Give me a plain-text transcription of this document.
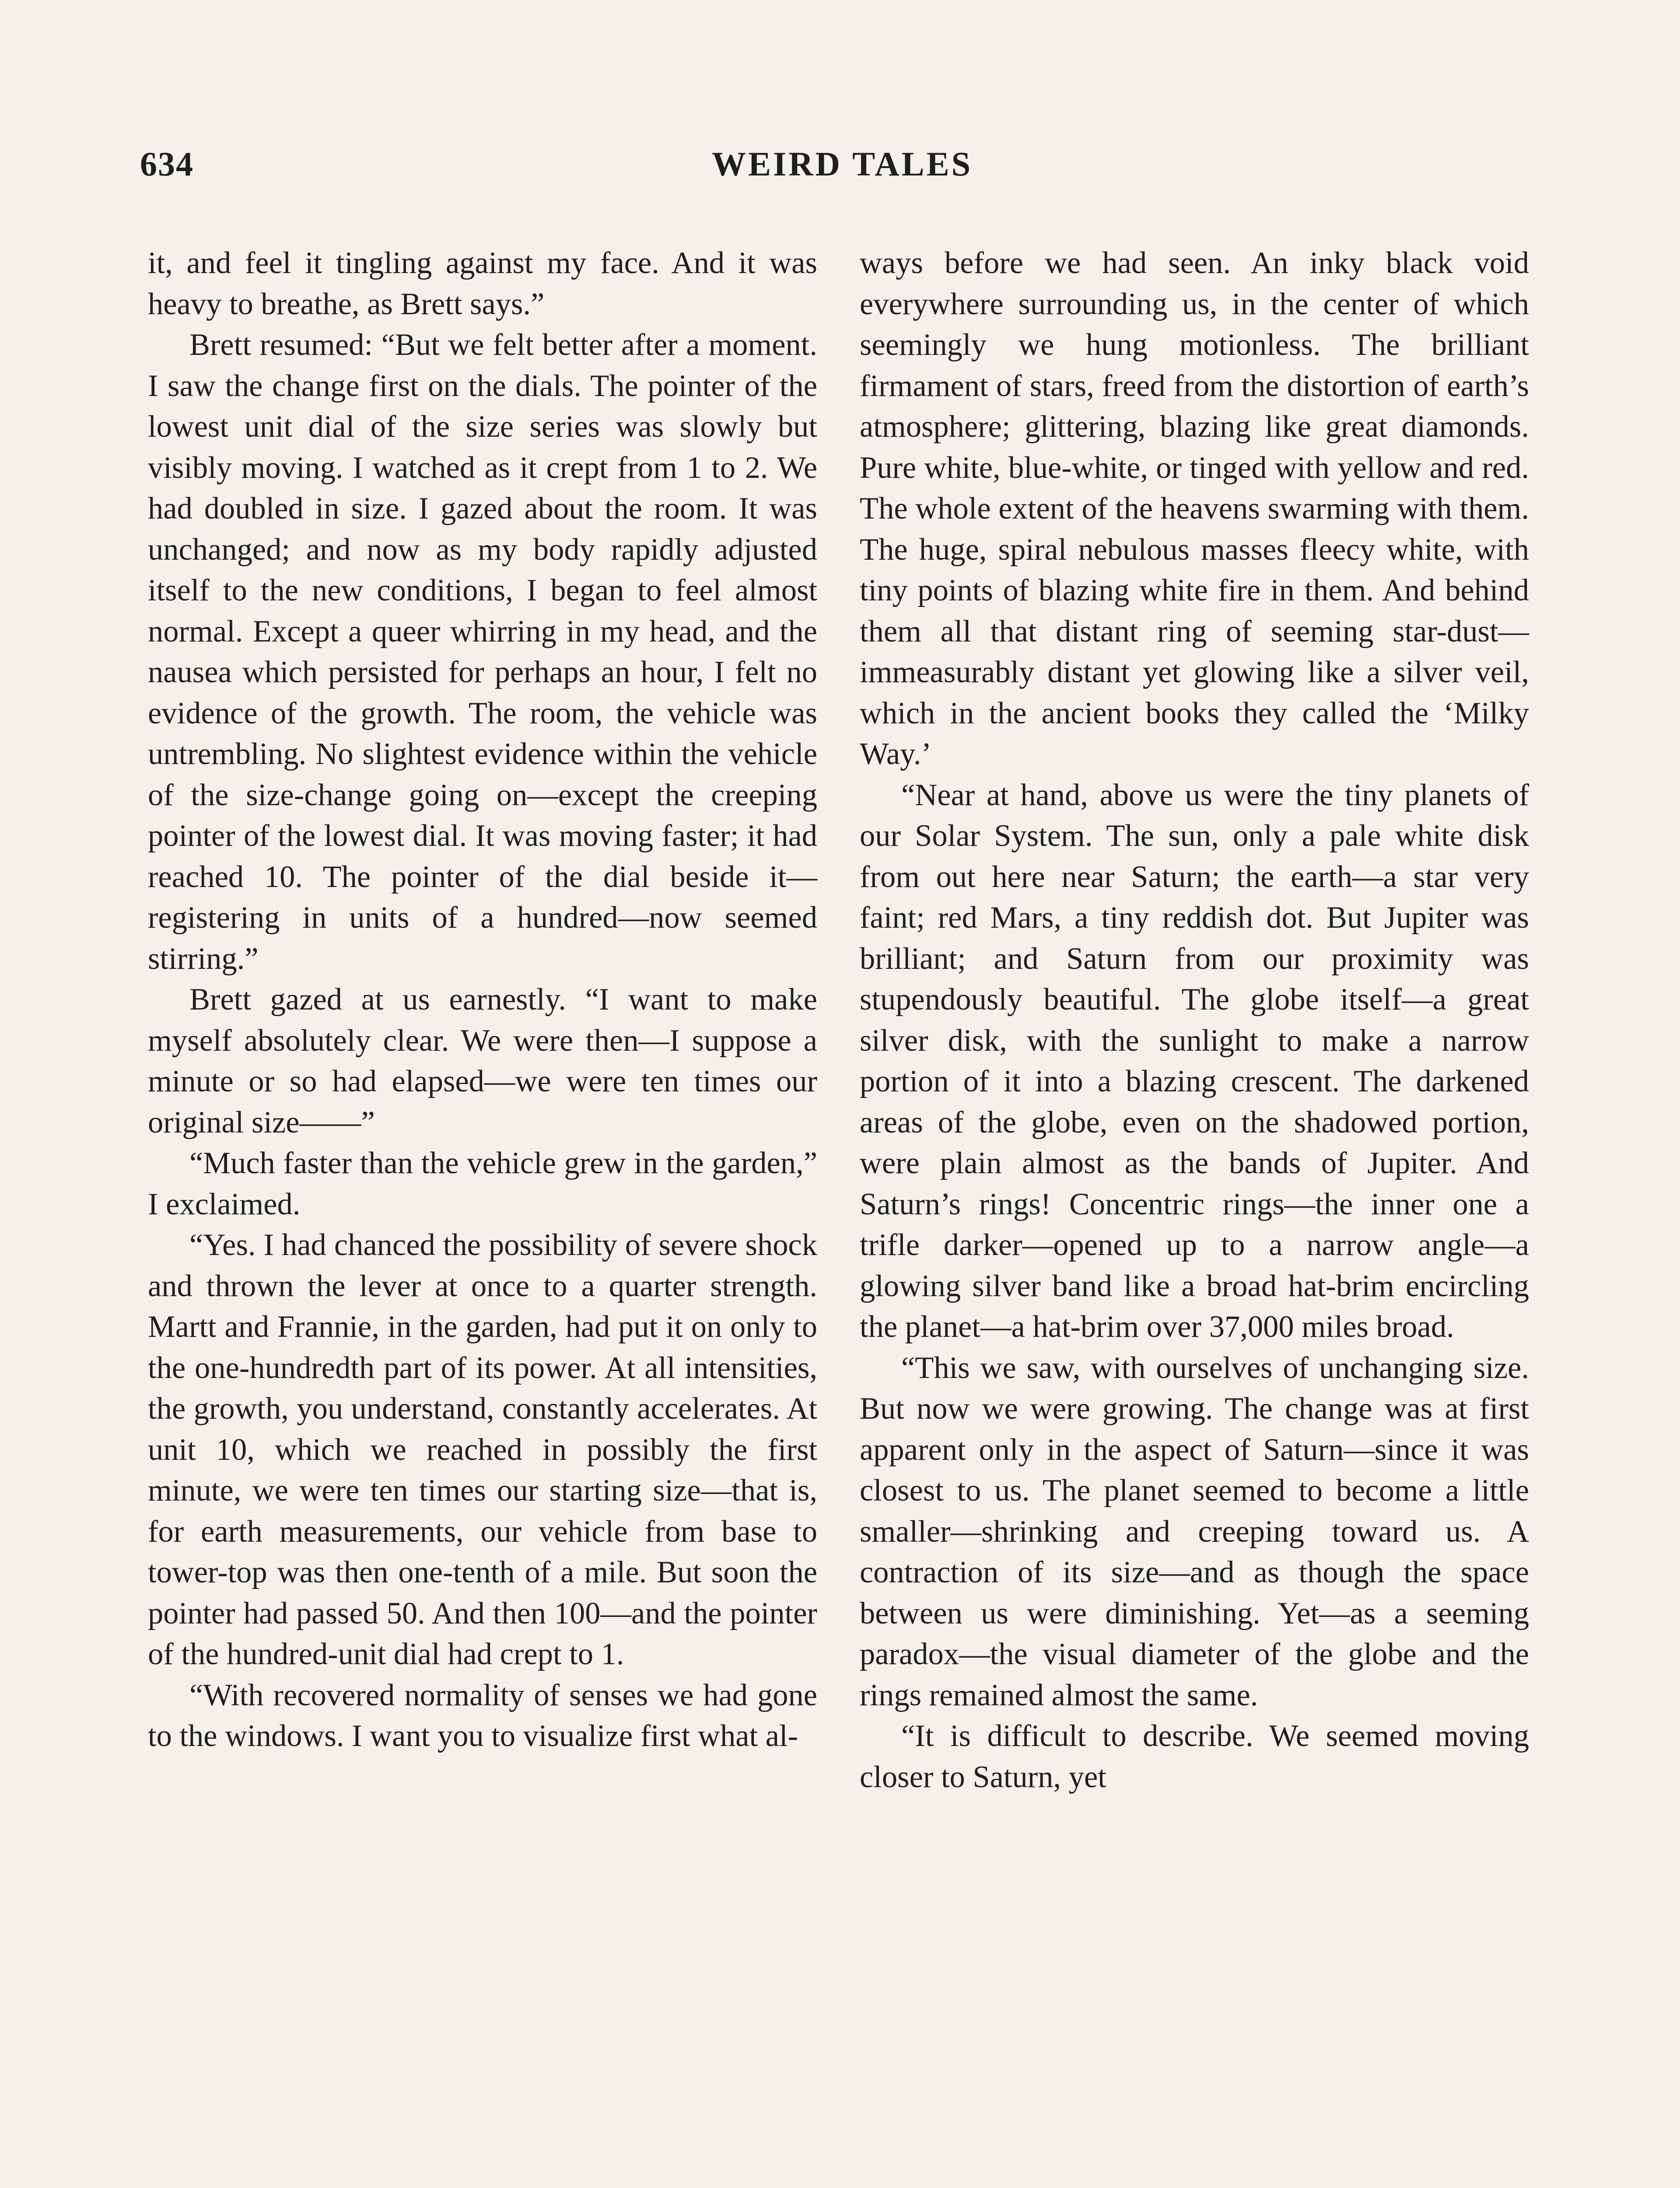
634	WEIRD TALES

it, and feel it tingling against my face. And it was heavy to breathe, as Brett says.”

Brett resumed: “But we felt better after a moment. I saw the change first on the dials. The pointer of the lowest unit dial of the size series was slowly but visibly moving. I watched as it crept from 1 to 2. We had doubled in size. I gazed about the room. It was unchanged; and now as my body rapidly adjusted itself to the new conditions, I began to feel almost normal. Except a queer whirring in my head, and the nausea which persisted for perhaps an hour, I felt no evidence of the growth. The room, the vehicle was untrembling. No slightest evidence within the vehicle of the size-change going on—except the creeping pointer of the lowest dial. It was moving faster; it had reached 10. The pointer of the dial beside it—registering in units of a hundred—now seemed stirring.”

Brett gazed at us earnestly. “I want to make myself absolutely clear. We were then—I suppose a minute or so had elapsed—we were ten times our original size——”

“Much faster than the vehicle grew in the garden,” I exclaimed.

“Yes. I had chanced the possibility of severe shock and thrown the lever at once to a quarter strength. Martt and Frannie, in the garden, had put it on only to the one-hundredth part of its power. At all intensities, the growth, you understand, constantly accelerates. At unit 10, which we reached in possibly the first minute, we were ten times our starting size—that is, for earth measurements, our vehicle from base to tower-top was then one-tenth of a mile. But soon the pointer had passed 50. And then 100—and the pointer of the hundred-unit dial had crept to 1.

“With recovered normality of senses we had gone to the windows. I want you to visualize first what al-

ways before we had seen. An inky black void everywhere surrounding us, in the center of which seemingly we hung motionless. The brilliant firmament of stars, freed from the distortion of earth’s atmosphere; glittering, blazing like great diamonds. Pure white, blue-white, or tinged with yellow and red. The whole extent of the heavens swarming with them. The huge, spiral nebulous masses fleecy white, with tiny points of blazing white fire in them. And behind them all that distant ring of seeming star-dust—immeasurably distant yet glowing like a silver veil, which in the ancient books they called the ‘Milky Way.’

“Near at hand, above us were the tiny planets of our Solar System. The sun, only a pale white disk from out here near Saturn; the earth—a star very faint; red Mars, a tiny reddish dot. But Jupiter was brilliant; and Saturn from our proximity was stupendously beautiful. The globe itself—a great silver disk, with the sunlight to make a narrow portion of it into a blazing crescent. The darkened areas of the globe, even on the shadowed portion, were plain almost as the bands of Jupiter. And Saturn’s rings! Concentric rings—the inner one a trifle darker—opened up to a narrow angle—a glowing silver band like a broad hat-brim encircling the planet—a hat-brim over 37,000 miles broad.

“This we saw, with ourselves of unchanging size. But now we were growing. The change was at first apparent only in the aspect of Saturn—since it was closest to us. The planet seemed to become a little smaller—shrinking and creeping toward us. A contraction of its size—and as though the space between us were diminishing. Yet—as a seeming paradox—the visual diameter of the globe and the rings remained almost the same.

“It is difficult to describe. We seemed moving closer to Saturn, yet
